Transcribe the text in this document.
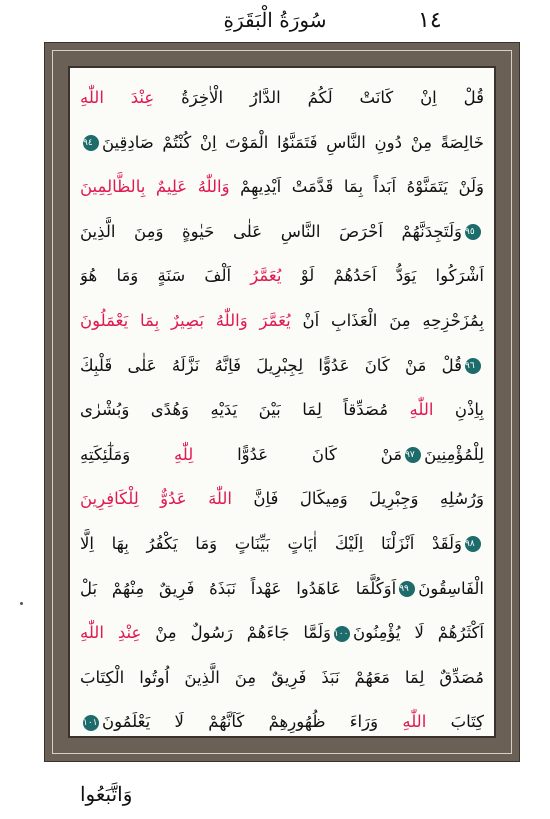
١٤
سُورَةُ الْبَقَرَةِ
قُلْ اِنْ كَانَتْ لَكُمُ الدَّارُ الْاٰخِرَةُ عِنْدَ اللّٰهِ
خَالِصَةً مِنْ دُونِ النَّاسِ فَتَمَنَّوُا الْمَوْتَ اِنْ كُنْتُمْ صَادِقِينَ٩٤
وَلَنْ يَتَمَنَّوْهُ اَبَداً بِمَا قَدَّمَتْ اَيْدِيهِمْ وَاللّٰهُ عَلِيمٌ بِالظَّالِمِينَ
٩٥وَلَتَجِدَنَّهُمْ اَحْرَصَ النَّاسِ عَلٰى حَيٰوةٍ وَمِنَ الَّذِينَ
اَشْرَكُوا يَوَدُّ اَحَدُهُمْ لَوْ يُعَمَّرُ اَلْفَ سَنَةٍ وَمَا هُوَ
بِمُزَحْزِحِهِ مِنَ الْعَذَابِ اَنْ يُعَمَّرَ وَاللّٰهُ بَصِيرٌ بِمَا يَعْمَلُونَ
٩٦قُلْ مَنْ كَانَ عَدُوًّا لِجِبْرِيلَ فَاِنَّهُ نَزَّلَهُ عَلٰى قَلْبِكَ
بِاِذْنِ اللّٰهِ مُصَدِّقاً لِمَا بَيْنَ يَدَيْهِ وَهُدًى وَبُشْرٰى
لِلْمُؤْمِنِينَ٩٧مَنْ كَانَ عَدُوًّا لِلّٰهِ وَمَلٰٓئِكَتِهِ
وَرُسُلِهِ وَجِبْرِيلَ وَمِيكَالَ فَاِنَّ اللّٰهَ عَدُوٌّ لِلْكَافِرِينَ
٩٨وَلَقَدْ اَنْزَلْنَا اِلَيْكَ اٰيَاتٍ بَيِّنَاتٍ وَمَا يَكْفُرُ بِهَا اِلَّا
الْفَاسِقُونَ٩٩اَوَكُلَّمَا عَاهَدُوا عَهْداً نَبَذَهُ فَرِيقٌ مِنْهُمْ بَلْ
اَكْثَرُهُمْ لَا يُؤْمِنُونَ١٠٠وَلَمَّا جَاءَهُمْ رَسُولٌ مِنْ عِنْدِ اللّٰهِ
مُصَدِّقٌ لِمَا مَعَهُمْ نَبَذَ فَرِيقٌ مِنَ الَّذِينَ اُوتُوا الْكِتَابَ
كِتَابَ اللّٰهِ وَرَاءَ ظُهُورِهِمْ كَاَنَّهُمْ لَا يَعْلَمُونَ١٠١
وَاتَّبَعُوا
